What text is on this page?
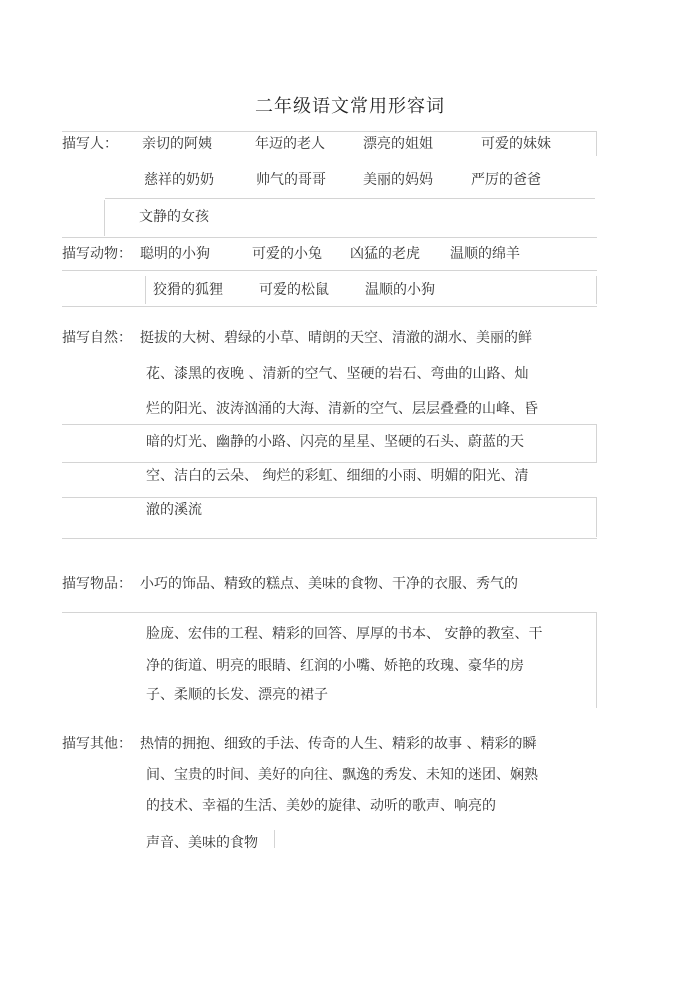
二年级语文常用形容词
描写人： 亲切的阿姨	年迈的老人	漂亮的姐姐	可爱的妹妹
慈祥的奶奶	帅气的哥哥	美丽的妈妈	严厉的爸爸
文静的女孩
描写动物： 聪明的小狗	可爱的小兔 凶猛的老虎 温顺的绵羊
狡猾的狐狸	可爱的松鼠	温顺的小狗
描写自然： 挺拔的大树、碧绿的小草、晴朗的天空、清澈的湖水、美丽的鲜
花、漆黑的夜晚 、清新的空气、坚硬的岩石、弯曲的山路、灿
烂的阳光、波涛汹涌的大海、清新的空气、层层叠叠的山峰、昏
暗的灯光、幽静的小路、闪亮的星星、坚硬的石头、蔚蓝的天
空、洁白的云朵、 绚烂的彩虹、细细的小雨、明媚的阳光、清
澈的溪流
描写物品： 小巧的饰品、精致的糕点、美味的食物、干净的衣服、秀气的
脸庞、宏伟的工程、精彩的回答、厚厚的书本、 安静的教室、干
净的街道、明亮的眼睛、红润的小嘴、娇艳的玫瑰、豪华的房
子、柔顺的长发、漂亮的裙子
描写其他： 热情的拥抱、细致的手法、传奇的人生、精彩的故事 、精彩的瞬
间、宝贵的时间、美好的向往、飘逸的秀发、未知的迷团、娴熟
的技术、幸福的生活、美妙的旋律、动听的歌声、响亮的
声音、美味的食物
